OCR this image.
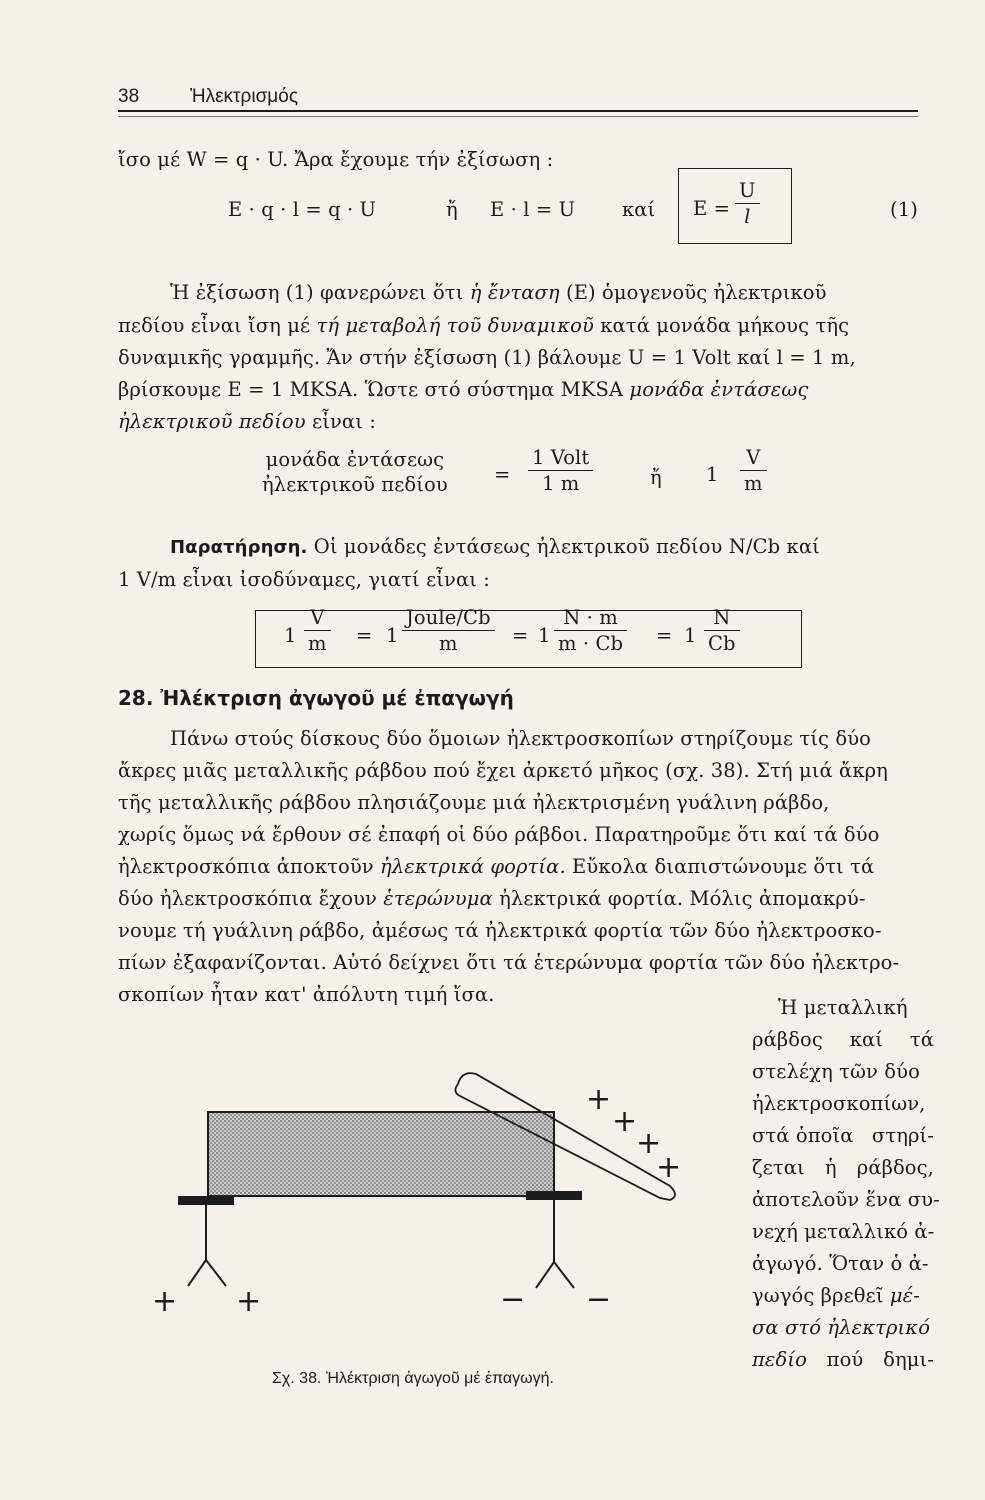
38	Ἠλεκτρισμός
ἴσο μέ W = q · U. Ἄρα ἔχουμε τήν ἐξίσωση :
E · q · l = q · U	ἤ E · l = U καί $E = \frac{U}{l}$	(1)
Ἡ ἐξίσωση (1) φανερώνει ὅτι ἡ ἔνταση (E) ὁμογενοῦς ἠλεκτρικοῦ
πεδίου εἶναι ἴση μέ τή μεταβολή τοῦ δυναμικοῦ κατά μονάδα μήκους τῆς
δυναμικῆς γραμμῆς. Ἄν στήν ἐξίσωση (1) βάλουμε U = 1 Volt καί l = 1 m,
βρίσκουμε E = 1 MKSA. Ὥστε στό σύστημα MKSA μονάδα ἐντάσεως
ἠλεκτρικοῦ πεδίου εἶναι :
μονάδα ἐντάσεως
ἠλεκτρικοῦ $\pi\varepsilon\delta ίo\upsilon = \frac{\text{1 Volt}}{1 m}$	ἤ $1 \frac{V}{m}$
Παρατήρηση. Οἱ μονάδες ἐντάσεως ἠλεκτρικοῦ πεδίου N/Cb καί
1 V/m εἶναι ἰσοδύναμες, γιατί εἶναι :
$1 \frac{V}{m} = 1 \frac{\text{Joule/Cb}}{m} = 1 \frac{N \cdot m}{m \cdot Cb} = 1 \frac{N}{Cb}$
28. Ἠλέκτριση ἀγωγοῦ μέ ἐπαγωγή
Πάνω στούς δίσκους δύο ὅμοιων ἠλεκτροσκοπίων στηρίζουμε τίς δύο
ἄκρες μιᾶς μεταλλικῆς ράβδου πού ἔχει ἀρκετό μῆκος (σχ. 38). Στή μιά ἄκρη
τῆς μεταλλικῆς ράβδου πλησιάζουμε μιά ἠλεκτρισμένη γυάλινη ράβδο,
χωρίς ὅμως νά ἔρθουν σέ ἐπαφή οἱ δύο ράβδοι. Παρατηροῦμε ὅτι καί τά δύο
ἠλεκτροσκόπια ἀποκτοῦν ἠλεκτρικά φορτία. Εὔκολα διαπιστώνουμε ὅτι τά
δύο ἠλεκτροσκόπια ἔχουν ἑτερώνυμα ἠλεκτρικά φορτία. Μόλις ἀπομακρύ-
νουμε τή γυάλινη ράβδο, ἀμέσως τά ἠλεκτρικά φορτία τῶν δύο ἠλεκτροσκο-
πίων ἐξαφανίζονται. Αὐτό δείχνει ὅτι τά ἑτερώνυμα φορτία τῶν δύο ἠλεκτρο-
σκοπίων ἦταν κατ' ἀπόλυτη τιμή ἴσα.
Ἡ μεταλλική
ράβδος καί τά
στελέχη τῶν δύο
ἠλεκτροσκοπίων,
στά ὁποῖα στηρί-
ζεται ἡ ράβδος,
ἀποτελοῦν ἕνα συ-
νεχή μεταλλικό ἀ-
ἀγωγό. Ὅταν ὁ ἀ-
γωγός βρεθεῖ μέ-
σα στό ἠλεκτρικό
πεδίο πού δημι-
+
+
+
+
+ +	− −
Σχ. 38. Ἠλέκτριση ἀγωγοῦ μέ ἐπαγωγή.
